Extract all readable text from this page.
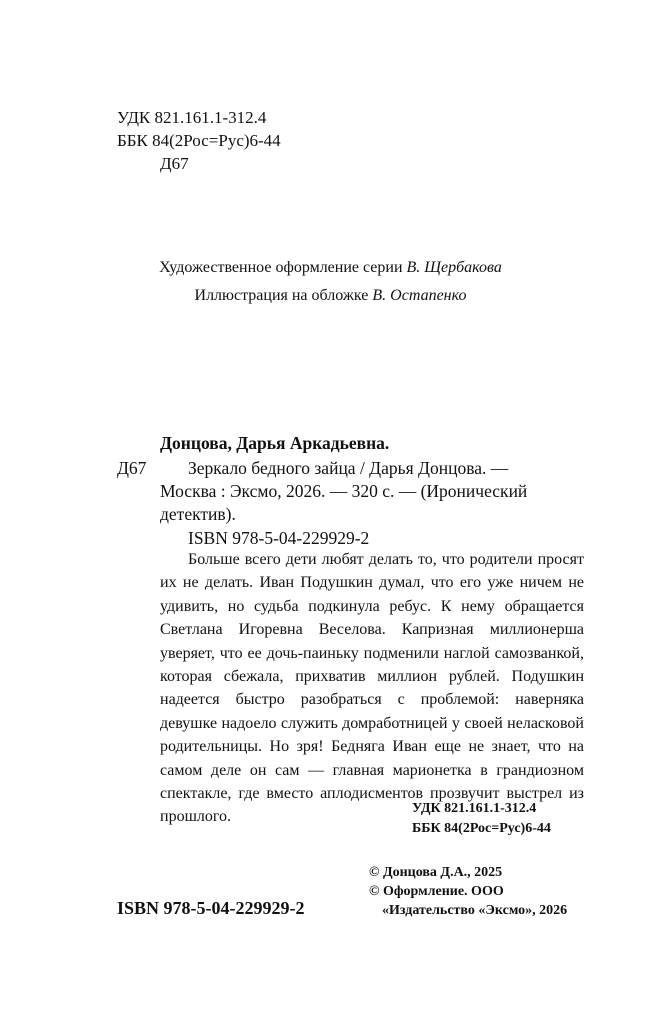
УДК 821.161.1-312.4
ББК 84(2Рос=Рус)6-44
Д67
Художественное оформление серии В. Щербакова
Иллюстрация на обложке В. Остапенко
Донцова, Дарья Аркадьевна.
Д67 Зеркало бедного зайца / Дарья Донцова. —
Москва : Эксмо, 2026. — 320 с. — (Иронический
детектив).
ISBN 978-5-04-229929-2
Больше всего дети любят делать то, что родители просят их не делать. Иван Подушкин думал, что его уже ничем не удивить, но судьба подкинула ребус. К нему обращается Светлана Игоревна Веселова. Капризная миллионерша уверяет, что ее дочь-паиньку подменили наглой самозванкой, которая сбежала, прихватив миллион рублей. Подушкин надеется быстро разобраться с проблемой: наверняка девушке надоело служить домработницей у своей неласковой родительницы. Но зря! Бедняга Иван еще не знает, что на самом деле он сам — главная марионетка в грандиозном спектакле, где вместо аплодисментов прозвучит выстрел из прошлого.	УДК 821.161.1-312.4
ББК 84(2Рос=Рус)6-44
© Донцова Д.А., 2025
© Оформление. ООО
«Издательство «Эксмо», 2026
ISBN 978-5-04-229929-2
